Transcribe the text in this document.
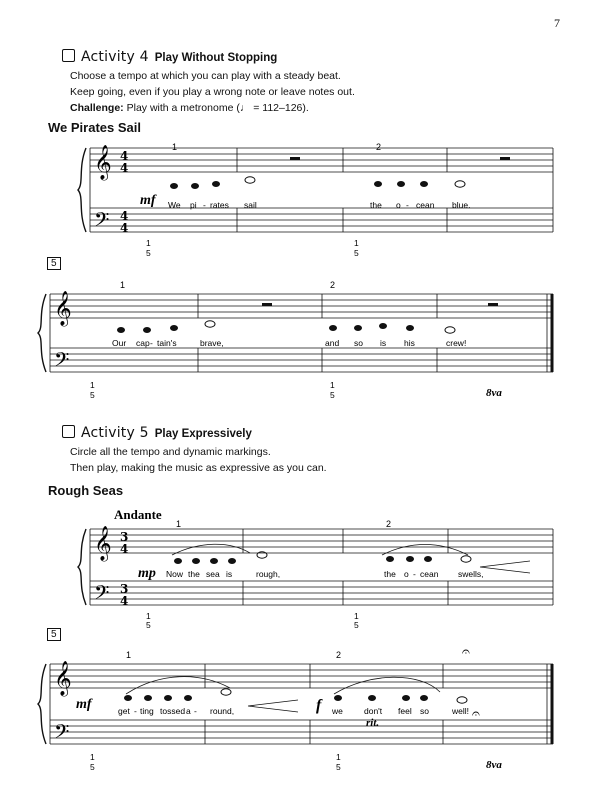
7
Activity 4 Play Without Stopping
Choose a tempo at which you can play with a steady beat.
Keep going, even if you play a wrong note or leave notes out.
Challenge: Play with a metronome (♩ = 112–126).
We Pirates Sail
𝄞
𝄢
4
4
4
4
mf
1	2
We pi - rates sail	the o - cean blue.
1
5
1
5
5
𝄞
𝄢
1	2
Our cap - tain's	brave,	and so is his	crew!
1
5
1
5	8va
Activity 5 Play Expressively
Circle all the tempo and dynamic markings.
Then play, making the music as expressive as you can.
Rough Seas
Andante
𝄞
𝄢
3
4
3
4
mp
1	2
Now the sea is	rough,	the o - cean swells,
1
5
1
5
5
𝄞
𝄢
𝄐
𝄐
mf	f
rit.
1	2
get - ting tossed a - round,	we don't feel so	well!
1
5
1
5	8va
